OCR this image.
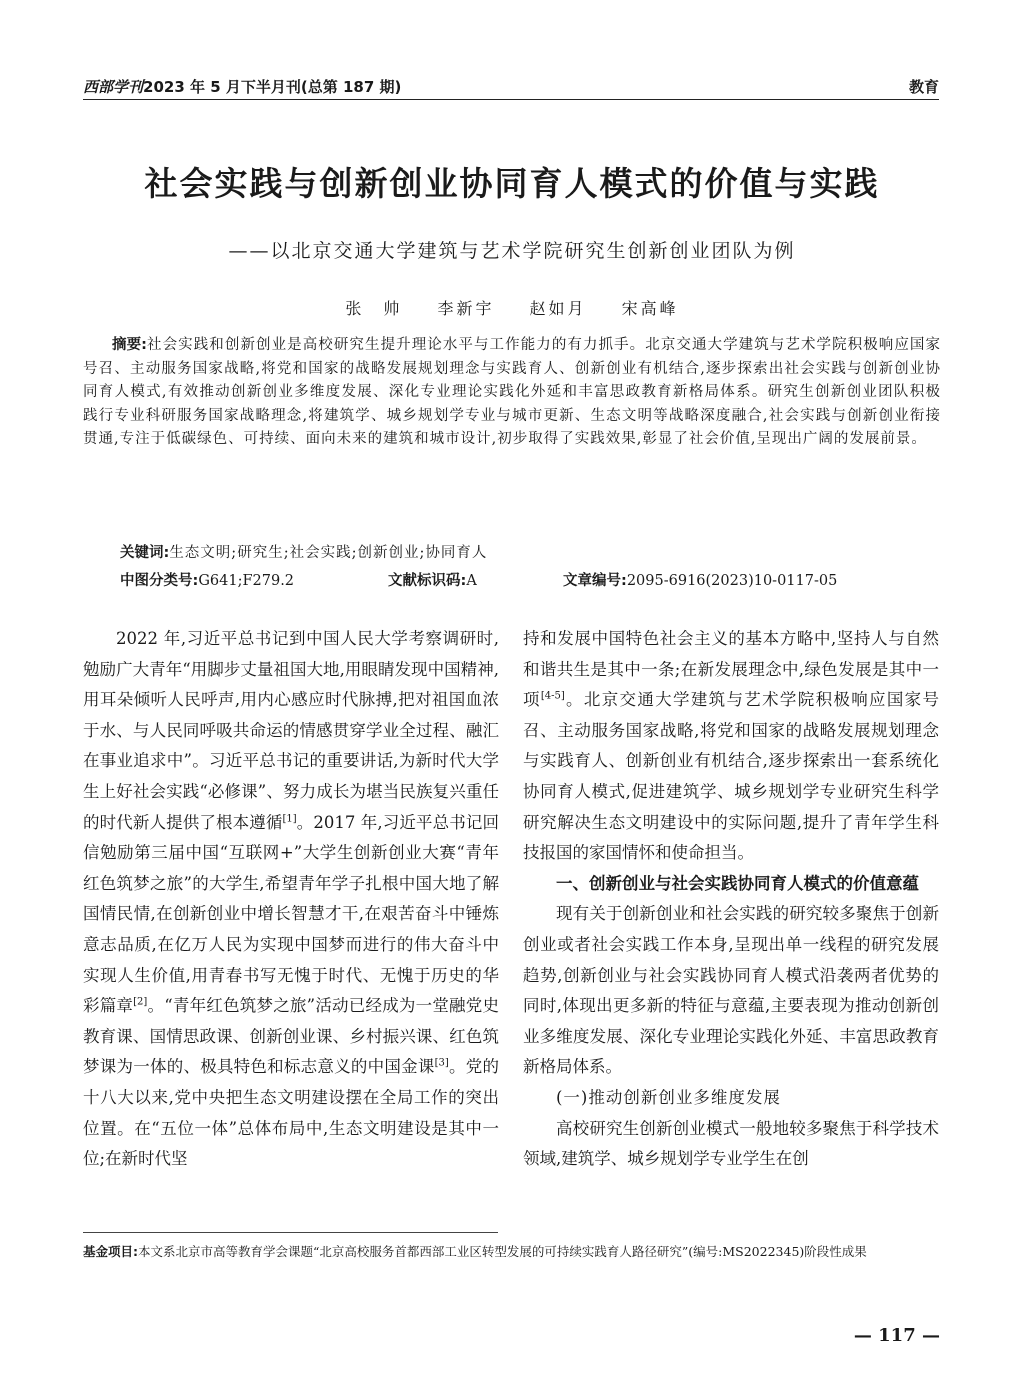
西部学刊2023 年 5 月下半月刊(总第 187 期)	教育
社会实践与创新创业协同育人模式的价值与实践
——以北京交通大学建筑与艺术学院研究生创新创业团队为例
张　帅 李新宇 赵如月 宋高峰
摘要:社会实践和创新创业是高校研究生提升理论水平与工作能力的有力抓手。北京交通大学建筑与艺术学院积极响应国家号召、主动服务国家战略,将党和国家的战略发展规划理念与实践育人、创新创业有机结合,逐步探索出社会实践与创新创业协同育人模式,有效推动创新创业多维度发展、深化专业理论实践化外延和丰富思政教育新格局体系。研究生创新创业团队积极践行专业科研服务国家战略理念,将建筑学、城乡规划学专业与城市更新、生态文明等战略深度融合,社会实践与创新创业衔接贯通,专注于低碳绿色、可持续、面向未来的建筑和城市设计,初步取得了实践效果,彰显了社会价值,呈现出广阔的发展前景。
关键词:生态文明;研究生;社会实践;创新创业;协同育人
中图分类号:G641;F279.2	文献标识码:A	文章编号:2095-6916(2023)10-0117-05

2022 年,习近平总书记到中国人民大学考察调研时,勉励广大青年“用脚步丈量祖国大地,用眼睛发现中国精神,用耳朵倾听人民呼声,用内心感应时代脉搏,把对祖国血浓于水、与人民同呼吸共命运的情感贯穿学业全过程、融汇在事业追求中”。习近平总书记的重要讲话,为新时代大学生上好社会实践“必修课”、努力成长为堪当民族复兴重任的时代新人提供了根本遵循[1]。2017 年,习近平总书记回信勉励第三届中国“互联网+”大学生创新创业大赛“青年红色筑梦之旅”的大学生,希望青年学子扎根中国大地了解国情民情,在创新创业中增长智慧才干,在艰苦奋斗中锤炼意志品质,在亿万人民为实现中国梦而进行的伟大奋斗中实现人生价值,用青春书写无愧于时代、无愧于历史的华彩篇章[2]。“青年红色筑梦之旅”活动已经成为一堂融党史教育课、国情思政课、创新创业课、乡村振兴课、红色筑梦课为一体的、极具特色和标志意义的中国金课[3]。党的十八大以来,党中央把生态文明建设摆在全局工作的突出位置。在“五位一体”总体布局中,生态文明建设是其中一位;在新时代坚

持和发展中国特色社会主义的基本方略中,坚持人与自然和谐共生是其中一条;在新发展理念中,绿色发展是其中一项[4-5]。北京交通大学建筑与艺术学院积极响应国家号召、主动服务国家战略,将党和国家的战略发展规划理念与实践育人、创新创业有机结合,逐步探索出一套系统化协同育人模式,促进建筑学、城乡规划学专业研究生科学研究解决生态文明建设中的实际问题,提升了青年学生科技报国的家国情怀和使命担当。

一、创新创业与社会实践协同育人模式的价值意蕴

现有关于创新创业和社会实践的研究较多聚焦于创新创业或者社会实践工作本身,呈现出单一线程的研究发展趋势,创新创业与社会实践协同育人模式沿袭两者优势的同时,体现出更多新的特征与意蕴,主要表现为推动创新创业多维度发展、深化专业理论实践化外延、丰富思政教育新格局体系。

(一)推动创新创业多维度发展

高校研究生创新创业模式一般地较多聚焦于科学技术领域,建筑学、城乡规划学专业学生在创

基金项目:本文系北京市高等教育学会课题“北京高校服务首都西部工业区转型发展的可持续实践育人路径研究”(编号:MS2022345)阶段性成果
— 117 —
